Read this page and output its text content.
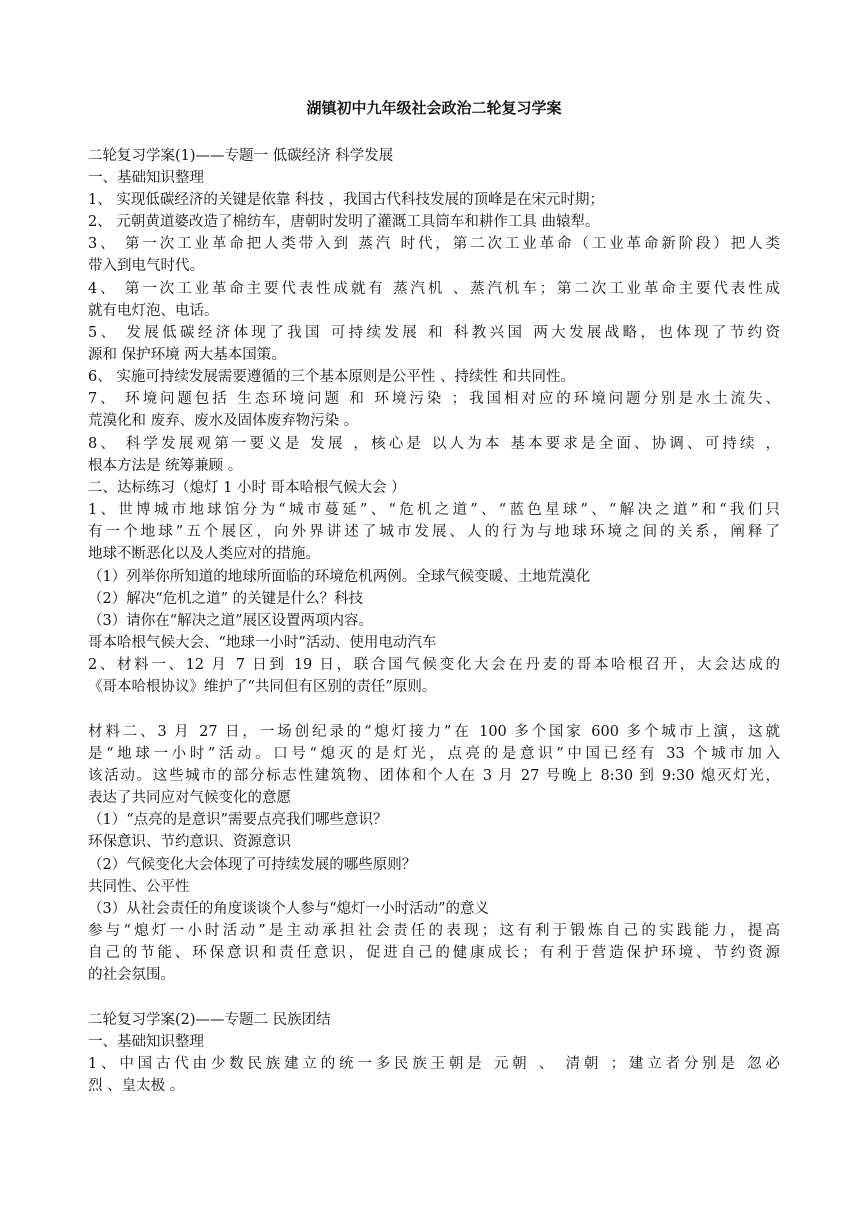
湖镇初中九年级社会政治二轮复习学案
二轮复习学案(1)——专题一 低碳经济 科学发展
一、基础知识整理
1、 实现低碳经济的关键是依靠 科技 ，我国古代科技发展的顶峰是在宋元时期；
2、 元朝黄道婆改造了棉纺车，唐朝时发明了灌溉工具筒车和耕作工具 曲辕犁。
3、 第一次工业革命把人类带入到 蒸汽 时代，第二次工业革命（工业革命新阶段）把人类
带入到电气时代。
4、 第一次工业革命主要代表性成就有 蒸汽机 、蒸汽机车；第二次工业革命主要代表性成
就有电灯泡、电话。
5、 发展低碳经济体现了我国 可持续发展 和 科教兴国 两大发展战略，也体现了节约资
源和 保护环境 两大基本国策。
6、 实施可持续发展需要遵循的三个基本原则是公平性 、持续性 和共同性。
7、 环境问题包括 生态环境问题 和 环境污染 ；我国相对应的环境问题分别是水土流失、
荒漠化和 废弃、废水及固体废弃物污染 。
8、 科学发展观第一要义是 发展 ，核心是 以人为本 基本要求是全面、协调、可持续 ，
根本方法是 统筹兼顾 。
二、达标练习（熄灯 1 小时 哥本哈根气候大会 ）
1、世博城市地球馆分为“城市蔓延”、“危机之道”、“蓝色星球”、“解决之道”和“我们只
有一个地球”五个展区，向外界讲述了城市发展、人的行为与地球环境之间的关系，阐释了
地球不断恶化以及人类应对的措施。
（1）列举你所知道的地球所面临的环境危机两例。全球气候变暖、土地荒漠化
（2）解决“危机之道” 的关键是什么？科技
（3）请你在“解决之道”展区设置两项内容。
哥本哈根气候大会、“地球一小时”活动、使用电动汽车
2、材料一、12 月 7 日到 19 日，联合国气候变化大会在丹麦的哥本哈根召开，大会达成的
《哥本哈根协议》维护了“共同但有区别的责任”原则。
材料二、3 月 27 日，一场创纪录的“熄灯接力”在 100 多个国家 600 多个城市上演，这就
是“地球一小时”活动。口号“熄灭的是灯光，点亮的是意识”中国已经有 33 个城市加入
该活动。这些城市的部分标志性建筑物、团体和个人在 3 月 27 号晚上 8:30 到 9:30 熄灭灯光，
表达了共同应对气候变化的意愿
（1）“点亮的是意识”需要点亮我们哪些意识？
环保意识、节约意识、资源意识
（2）气候变化大会体现了可持续发展的哪些原则？
共同性、公平性
（3）从社会责任的角度谈谈个人参与“熄灯一小时活动”的意义
参与“熄灯一小时活动”是主动承担社会责任的表现；这有利于锻炼自己的实践能力，提高
自己的节能、环保意识和责任意识，促进自己的健康成长；有利于营造保护环境、节约资源
的社会氛围。
二轮复习学案(2)——专题二 民族团结
一、基础知识整理
1、中国古代由少数民族建立的统一多民族王朝是 元朝 、 清朝 ；建立者分别是 忽必
烈 、皇太极 。
